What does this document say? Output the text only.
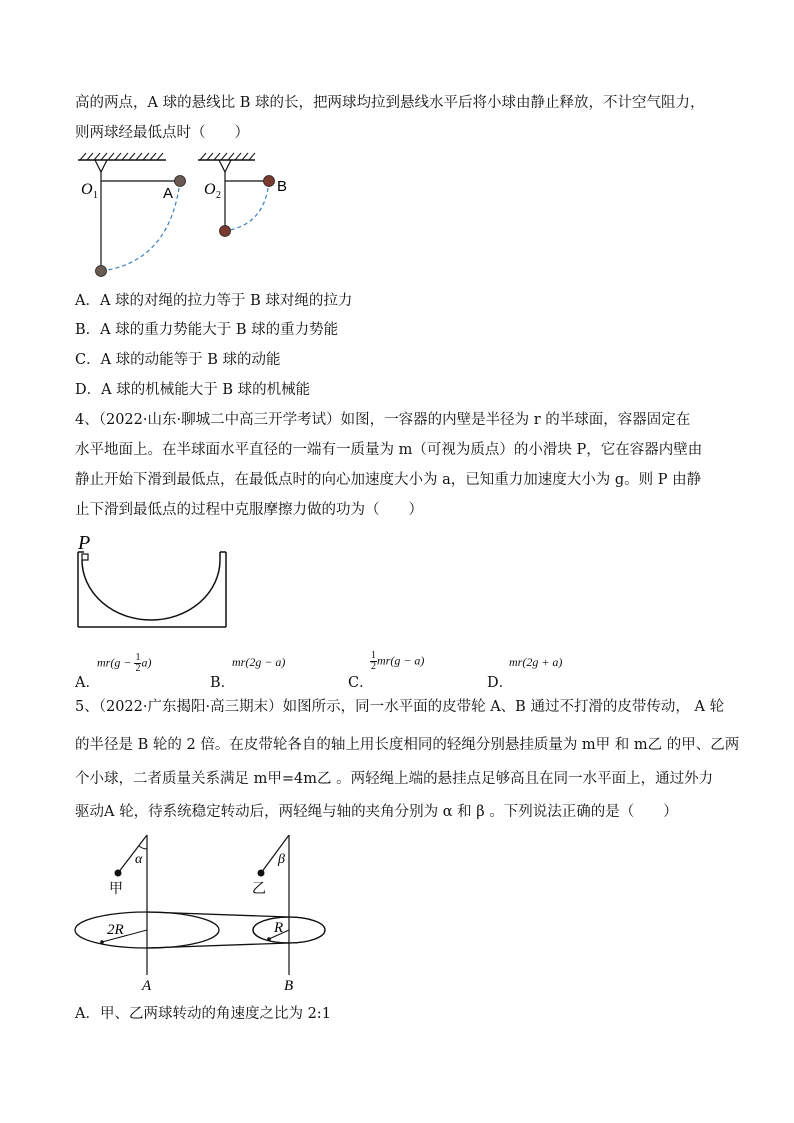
高的两点，A 球的悬线比 B 球的长，把两球均拉到悬线水平后将小球由静止释放，不计空气阻力，
则两球经最低点时（　　）
O 1	A O 2
B
A．A 球的对绳的拉力等于 B 球对绳的拉力
B．A 球的重力势能大于 B 球的重力势能
C．A 球的动能等于 B 球的动能
D．A 球的机械能大于 B 球的机械能
4、（2022·山东·聊城二中高三开学考试）如图，一容器的内壁是半径为 r 的半球面，容器固定在
水平地面上。在半球面水平直径的一端有一质量为 m（可视为质点）的小滑块 P，它在容器内壁由
静止开始下滑到最低点，在最低点时的向心加速度大小为 a，已知重力加速度大小为 g。则 P 由静
止下滑到最低点的过程中克服摩擦力做的功为（　　）
P
A．
$mr(g - \frac{1}{2} a)$
B．
mr(2g − a)
C．
$\frac{1}{2} mr(g - a)$
D．
mr(2g + a)
5、（2022·广东揭阳·高三期末）如图所示，同一水平面的皮带轮 A、B 通过不打滑的皮带传动， A 轮
的半径是 B 轮的 2 倍。在皮带轮各自的轴上用长度相同的轻绳分别悬挂质量为 m甲 和 m乙 的甲、乙两
个小球，二者质量关系满足 m甲=4m乙 。两轻绳上端的悬挂点足够高且在同一水平面上，通过外力
驱动A 轮，待系统稳定转动后，两轻绳与轴的夹角分别为 α 和 β 。下列说法正确的是（　　）
α	β
甲	乙
2R	R
A	B
A．甲、乙两球转动的角速度之比为 2:1
